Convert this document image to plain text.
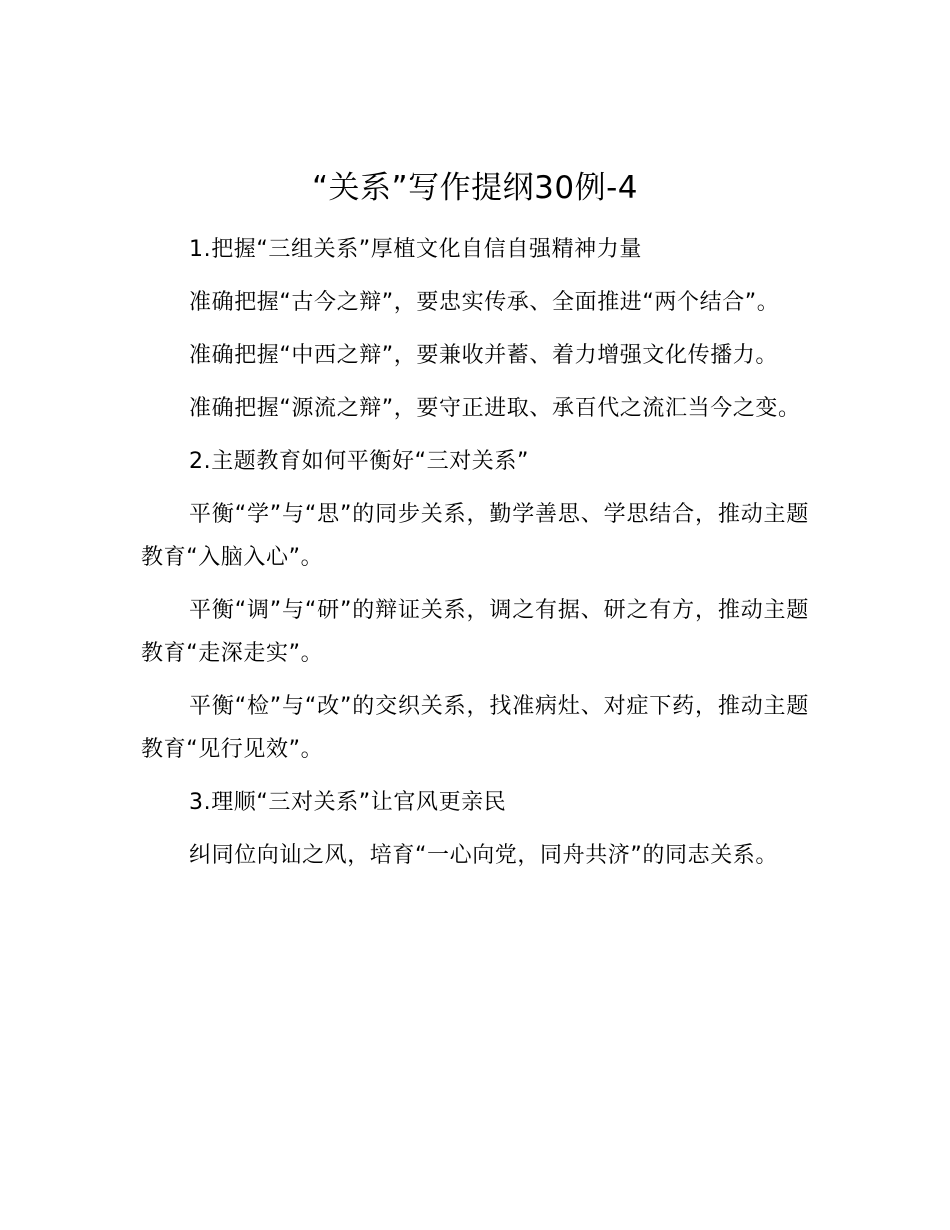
“关系”写作提纲30例-4

1.把握“三组关系”厚植文化自信自强精神力量

准确把握“古今之辩”，要忠实传承、全面推进“两个结合”。

准确把握“中西之辩”，要兼收并蓄、着力增强文化传播力。

准确把握“源流之辩”，要守正进取、承百代之流汇当今之变。

2.主题教育如何平衡好“三对关系”

平衡“学”与“思”的同步关系，勤学善思、学思结合，推动主题教育“入脑入心”。

平衡“调”与“研”的辩证关系，调之有据、研之有方，推动主题教育“走深走实”。

平衡“检”与“改”的交织关系，找准病灶、对症下药，推动主题教育“见行见效”。

3.理顺“三对关系”让官风更亲民

纠同位向讪之风，培育“一心向党，同舟共济”的同志关系。
